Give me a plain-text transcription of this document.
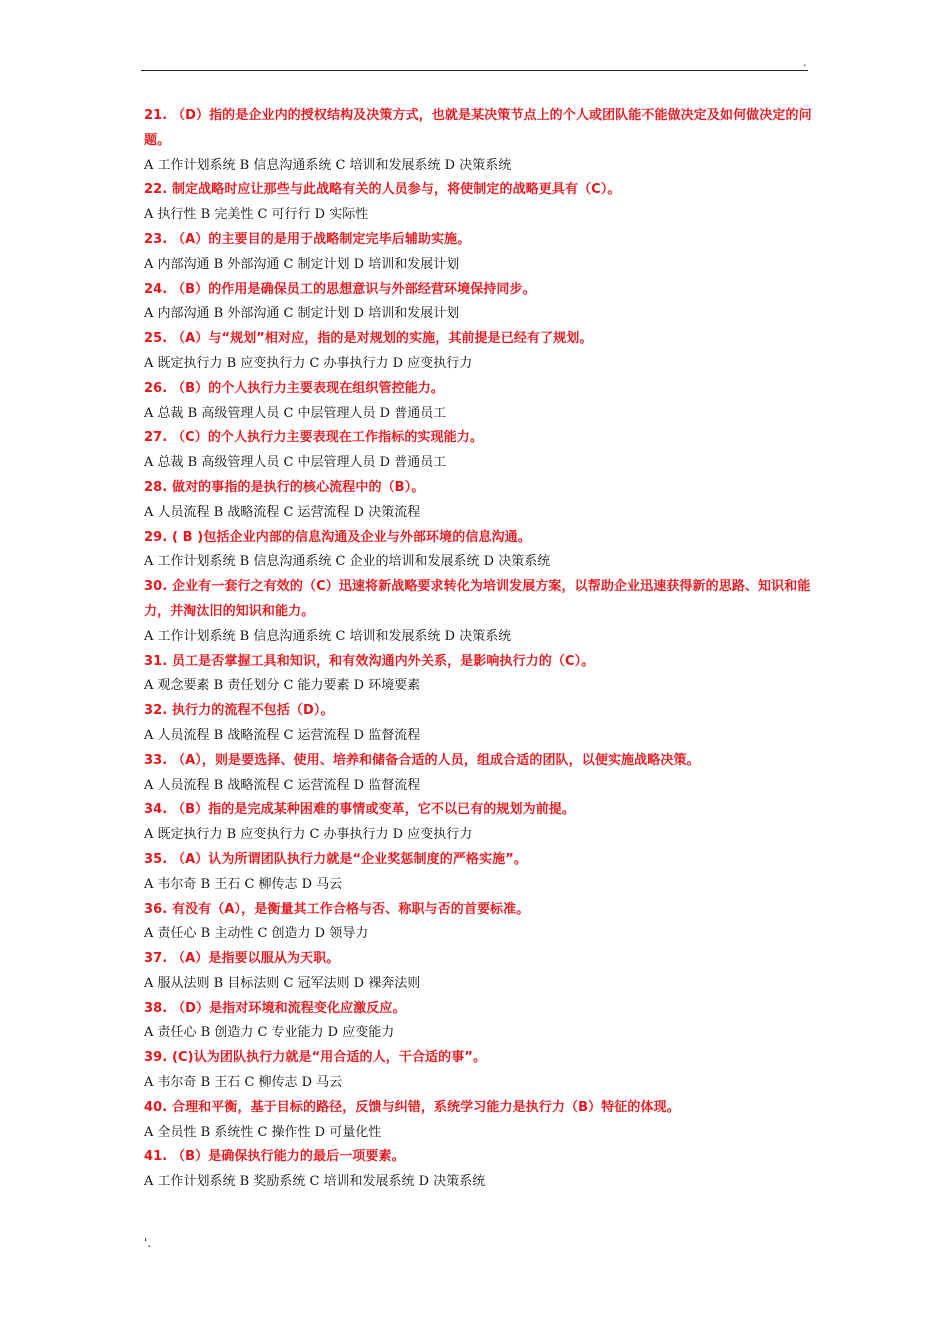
.
21. （D）指的是企业内的授权结构及决策方式，也就是某决策节点上的个人或团队能不能做决定及如何做决定的问题。
A 工作计划系统 B 信息沟通系统 C 培训和发展系统 D 决策系统
22. 制定战略时应让那些与此战略有关的人员参与，将使制定的战略更具有（C）。
A 执行性 B 完美性 C 可行行 D 实际性
23. （A）的主要目的是用于战略制定完毕后辅助实施。
A 内部沟通 B 外部沟通 C 制定计划 D 培训和发展计划
24. （B）的作用是确保员工的思想意识与外部经营环境保持同步。
A 内部沟通 B 外部沟通 C 制定计划 D 培训和发展计划
25. （A）与“规划”相对应，指的是对规划的实施，其前提是已经有了规划。
A 既定执行力 B 应变执行力 C 办事执行力 D 应变执行力
26. （B）的个人执行力主要表现在组织管控能力。
A 总裁 B 高级管理人员 C 中层管理人员 D 普通员工
27. （C）的个人执行力主要表现在工作指标的实现能力。
A 总裁 B 高级管理人员 C 中层管理人员 D 普通员工
28. 做对的事指的是执行的核心流程中的（B）。
A 人员流程 B 战略流程 C 运营流程 D 决策流程
29. ( B )包括企业内部的信息沟通及企业与外部环境的信息沟通。
A 工作计划系统 B 信息沟通系统 C 企业的培训和发展系统 D 决策系统
30. 企业有一套行之有效的（C）迅速将新战略要求转化为培训发展方案，以帮助企业迅速获得新的思路、知识和能力，并淘汰旧的知识和能力。
A 工作计划系统 B 信息沟通系统 C 培训和发展系统 D 决策系统
31. 员工是否掌握工具和知识，和有效沟通内外关系，是影响执行力的（C）。
A 观念要素 B 责任划分 C 能力要素 D 环境要素
32. 执行力的流程不包括（D）。
A 人员流程 B 战略流程 C 运营流程 D 监督流程
33. （A），则是要选择、使用、培养和储备合适的人员，组成合适的团队，以便实施战略决策。
A 人员流程 B 战略流程 C 运营流程 D 监督流程
34. （B）指的是完成某种困难的事情或变革，它不以已有的规划为前提。
A 既定执行力 B 应变执行力 C 办事执行力 D 应变执行力
35. （A）认为所谓团队执行力就是“企业奖惩制度的严格实施”。
A 韦尔奇 B 王石 C 柳传志 D 马云
36. 有没有（A），是衡量其工作合格与否、称职与否的首要标准。
A 责任心 B 主动性 C 创造力 D 领导力
37. （A）是指要以服从为天职。
A 服从法则 B 目标法则 C 冠军法则 D 裸奔法则
38. （D）是指对环境和流程变化应激反应。
A 责任心 B 创造力 C 专业能力 D 应变能力
39. (C)认为团队执行力就是“用合适的人，干合适的事”。
A 韦尔奇 B 王石 C 柳传志 D 马云
40. 合理和平衡，基于目标的路径，反馈与纠错，系统学习能力是执行力（B）特征的体现。
A 全员性 B 系统性 C 操作性 D 可量化性
41. （B）是确保执行能力的最后一项要素。
A 工作计划系统 B 奖励系统 C 培训和发展系统 D 决策系统
'.
